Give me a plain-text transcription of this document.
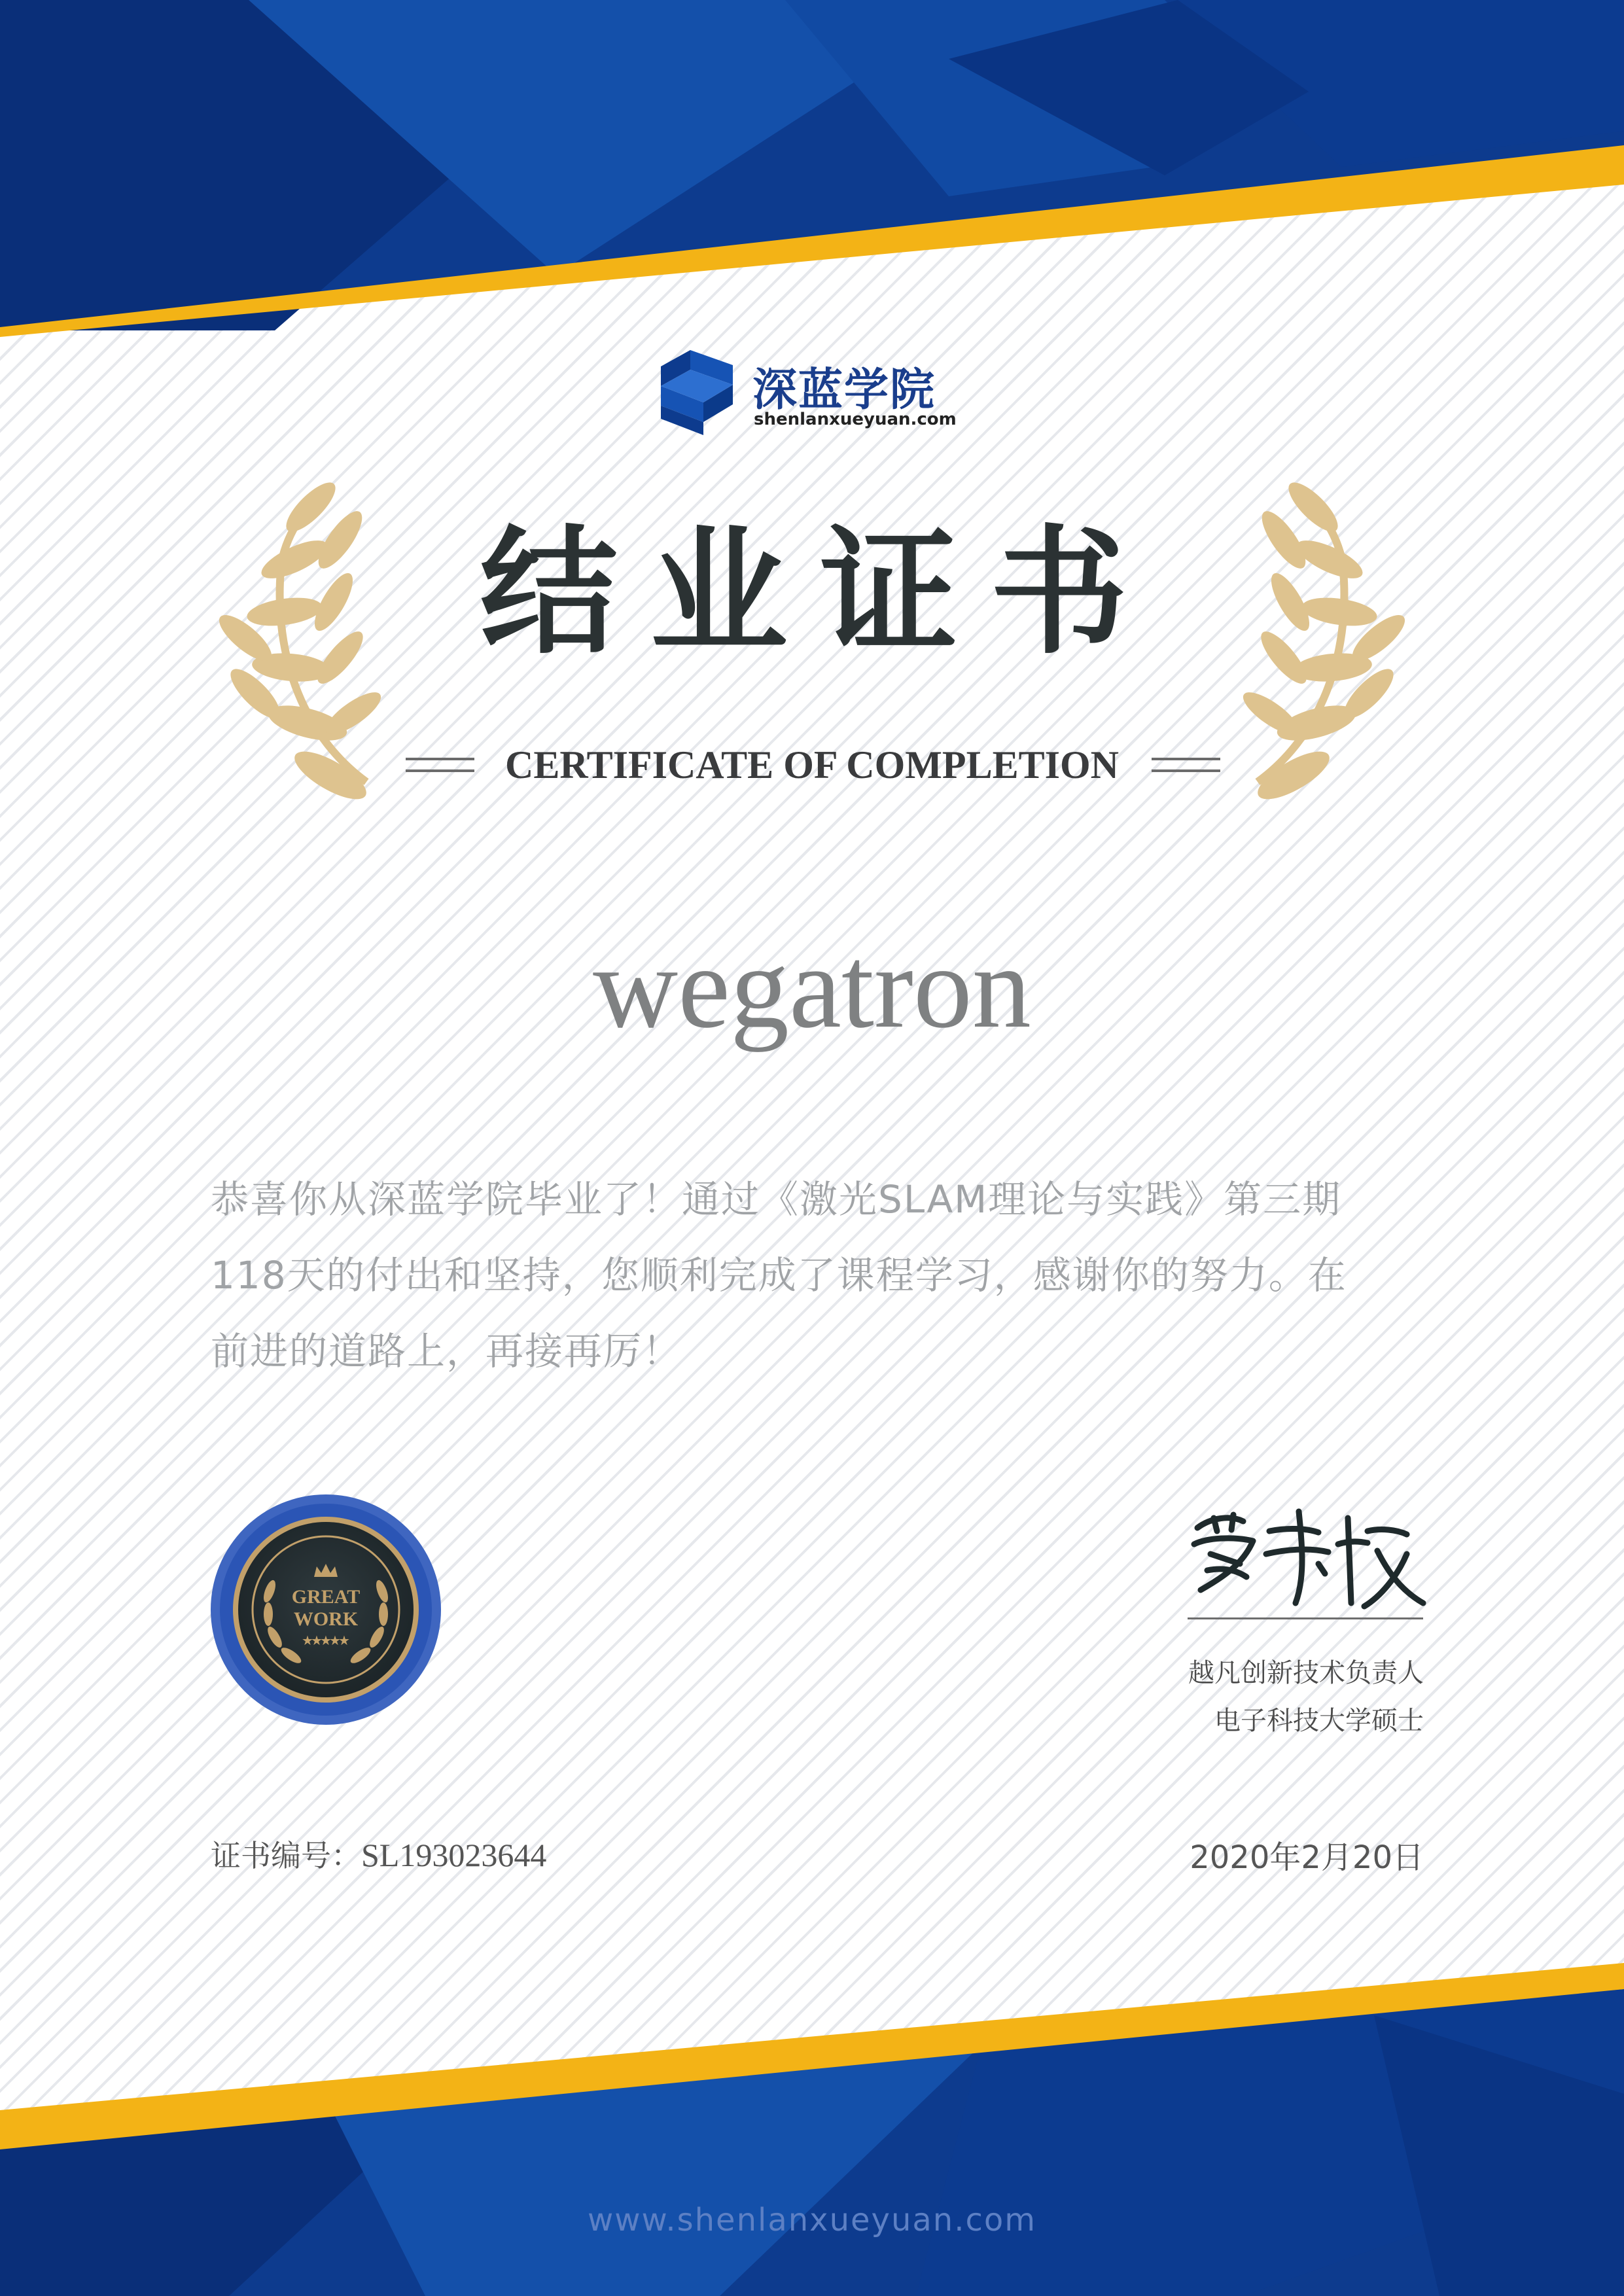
深蓝学院
shenlanxueyuan.com
结业证书
CERTIFICATE OF COMPLETION
wegatron
恭喜你从深蓝学院毕业了！通过《激光SLAM理论与实践》第三期
118天的付出和坚持，您顺利完成了课程学习，感谢你的努力。在
前进的道路上，再接再厉！
GREAT
WORK
★
★
★
★
★
越凡创新技术负责人
电子科技大学硕士
证书编号：SL193023644	2020年2月20日
www.shenlanxueyuan.com
